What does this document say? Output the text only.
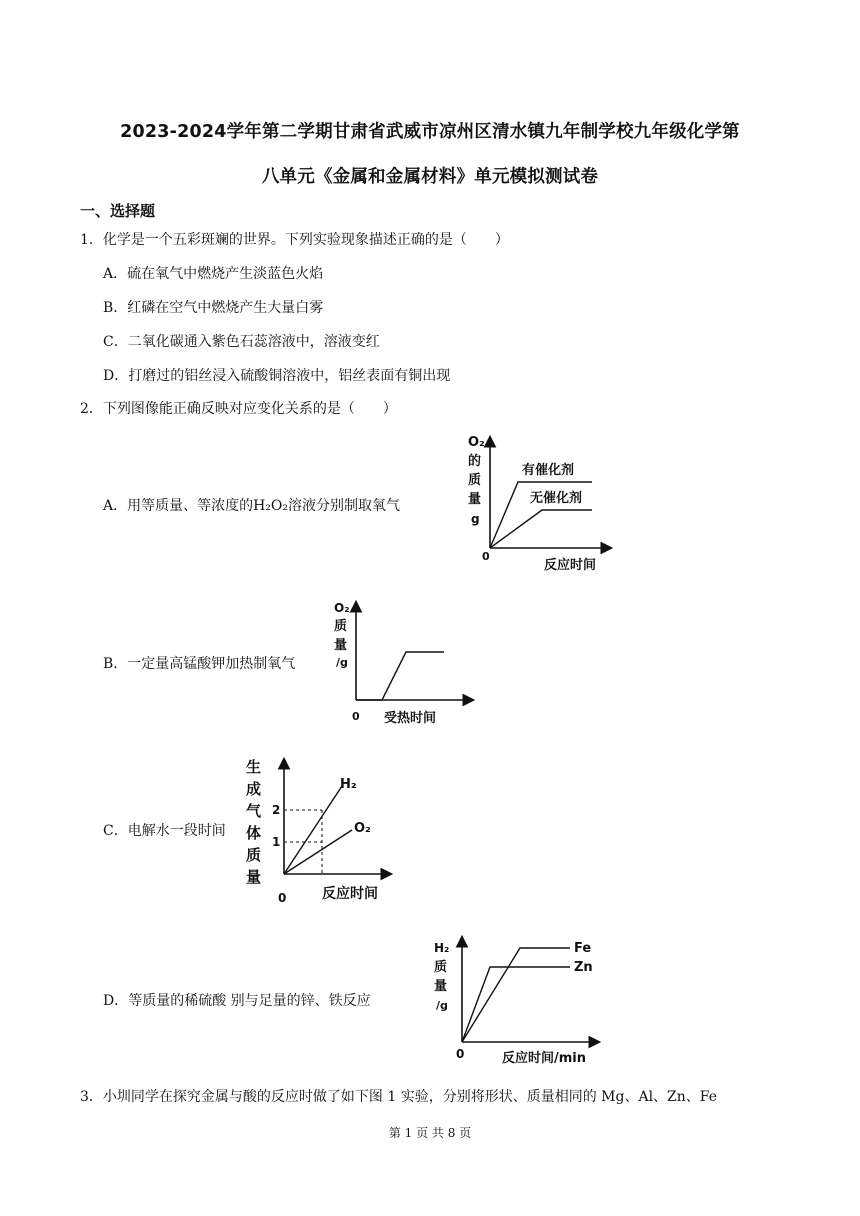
2023-2024学年第二学期甘肃省武威市凉州区清水镇九年制学校九年级化学第
八单元《金属和金属材料》单元模拟测试卷
一、选择题
1．化学是一个五彩斑斓的世界。下列实验现象描述正确的是（　　）
A．硫在氧气中燃烧产生淡蓝色火焰
B．红磷在空气中燃烧产生大量白雾
C．二氧化碳通入紫色石蕊溶液中，溶液变红
D．打磨过的铝丝浸入硫酸铜溶液中，铝丝表面有铜出现
2．下列图像能正确反映对应变化关系的是（　　）
A．用等质量、等浓度的H₂O₂溶液分别制取氧气
O₂
的
质
量
g
0
反应时间
有催化剂
无催化剂
B．一定量高锰酸钾加热制氧气
O₂
质
量
/g
0 受热时间
C．电解水一段时间
生
成
气
体
质
量
2
1
0	反应时间
H₂
O₂
D．等质量的稀硫酸 别与足量的锌、铁反应
H₂
质
量
/g
0	反应时间/min
Fe
Zn
3．小圳同学在探究金属与酸的反应时做了如下图 1 实验，分别将形状、质量相同的 Mg、Al、Zn、Fe
第 1 页 共 8 页
